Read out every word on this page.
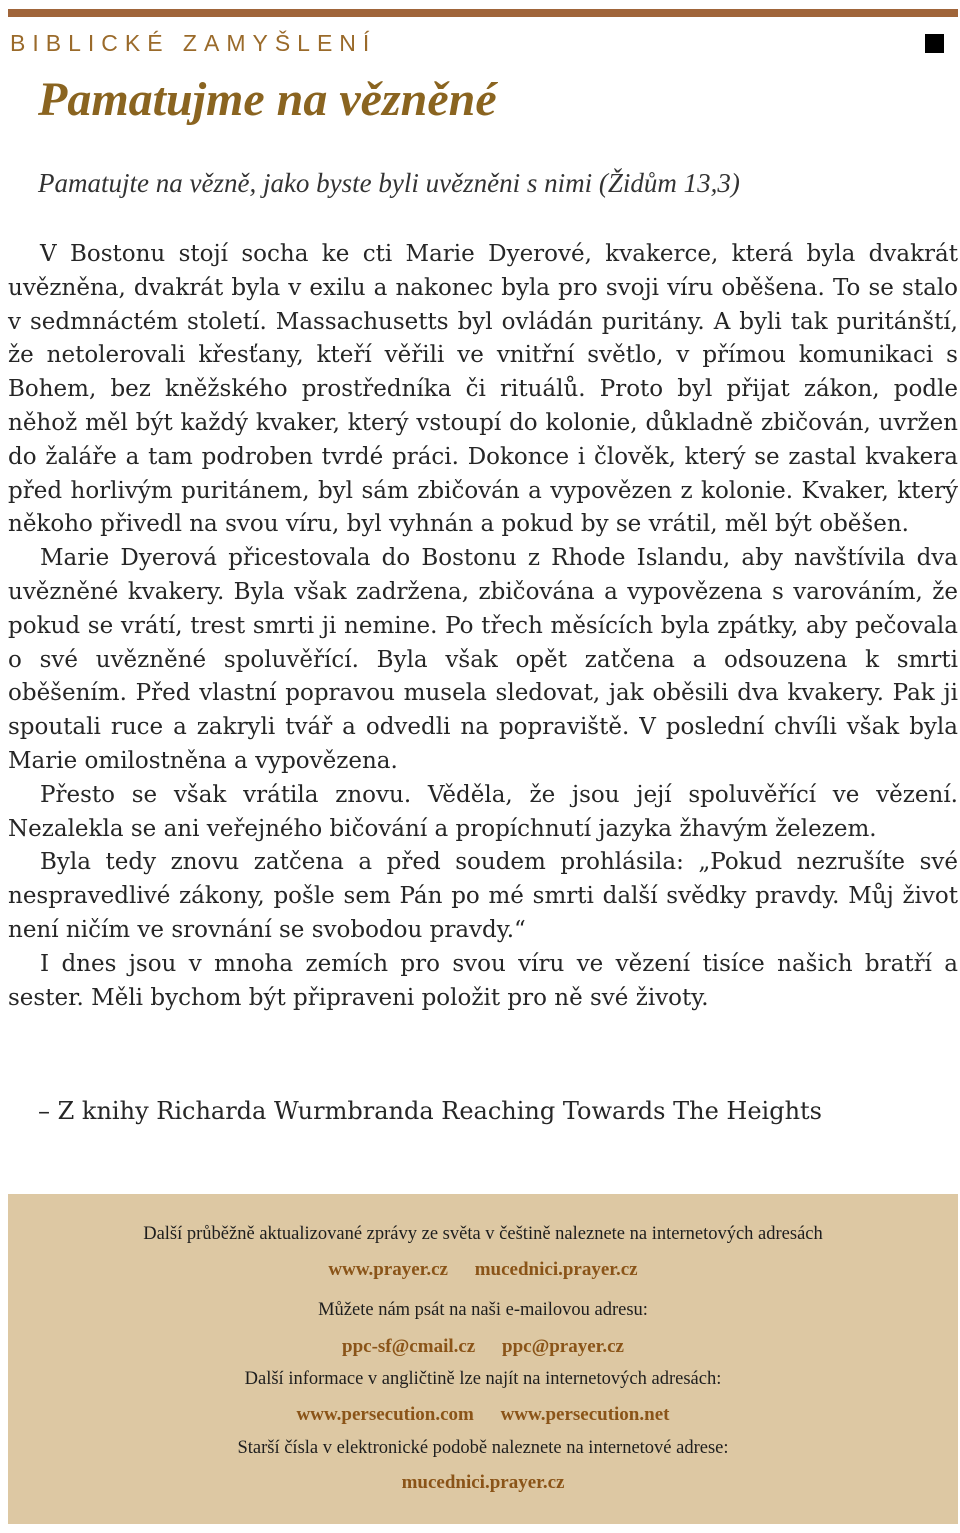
BIBLICKÉ ZAMYŠLENÍ
Pamatujme na vězněné
Pamatujte na vězně, jako byste byli uvězněni s nimi (Židům 13,3)

V Bostonu stojí socha ke cti Marie Dyerové, kvakerce, která byla dvakrát uvězněna, dvakrát byla v exilu a nakonec byla pro svoji víru oběšena. To se stalo v sedmnáctém století. Massachusetts byl ovládán puritány. A byli tak puritánští, že netolerovali křesťany, kteří věřili ve vnitřní světlo, v přímou komunikaci s Bohem, bez kněžského prostředníka či rituálů. Proto byl přijat zákon, podle něhož měl být každý kvaker, který vstoupí do kolonie, důkladně zbičován, uvržen do žaláře a tam podroben tvrdé práci. Dokonce i člověk, který se zastal kvakera před horlivým puritánem, byl sám zbičován a vypovězen z kolonie. Kvaker, který někoho přivedl na svou víru, byl vyhnán a pokud by se vrátil, měl být oběšen.

Marie Dyerová přicestovala do Bostonu z Rhode Islandu, aby navštívila dva uvězněné kvakery. Byla však zadržena, zbičována a vypovězena s varováním, že pokud se vrátí, trest smrti ji nemine. Po třech měsících byla zpátky, aby pečovala o své uvězněné spoluvěřící. Byla však opět zatčena a odsouzena k smrti oběšením. Před vlastní popravou musela sledovat, jak oběsili dva kvakery. Pak ji spoutali ruce a zakryli tvář a odvedli na popraviště. V poslední chvíli však byla Marie omilostněna a vypovězena.

Přesto se však vrátila znovu. Věděla, že jsou její spoluvěřící ve vězení. Nezalekla se ani veřejného bičování a propíchnutí jazyka žhavým železem.

Byla tedy znovu zatčena a před soudem prohlásila: „Pokud nezrušíte své nespravedlivé zákony, pošle sem Pán po mé smrti další svědky pravdy. Můj život není ničím ve srovnání se svobodou pravdy.“

I dnes jsou v mnoha zemích pro svou víru ve vězení tisíce našich bratří a sester. Měli bychom být připraveni položit pro ně své životy.

– Z knihy Richarda Wurmbranda Reaching Towards The Heights
Další průběžně aktualizované zprávy ze světa v češtině naleznete na internetových adresách
www.prayer.cz mucednici.prayer.cz
Můžete nám psát na naši e-mailovou adresu:
ppc-sf@cmail.cz ppc@prayer.cz
Další informace v angličtině lze najít na internetových adresách:
www.persecution.com www.persecution.net
Starší čísla v elektronické podobě naleznete na internetové adrese:
mucednici.prayer.cz
